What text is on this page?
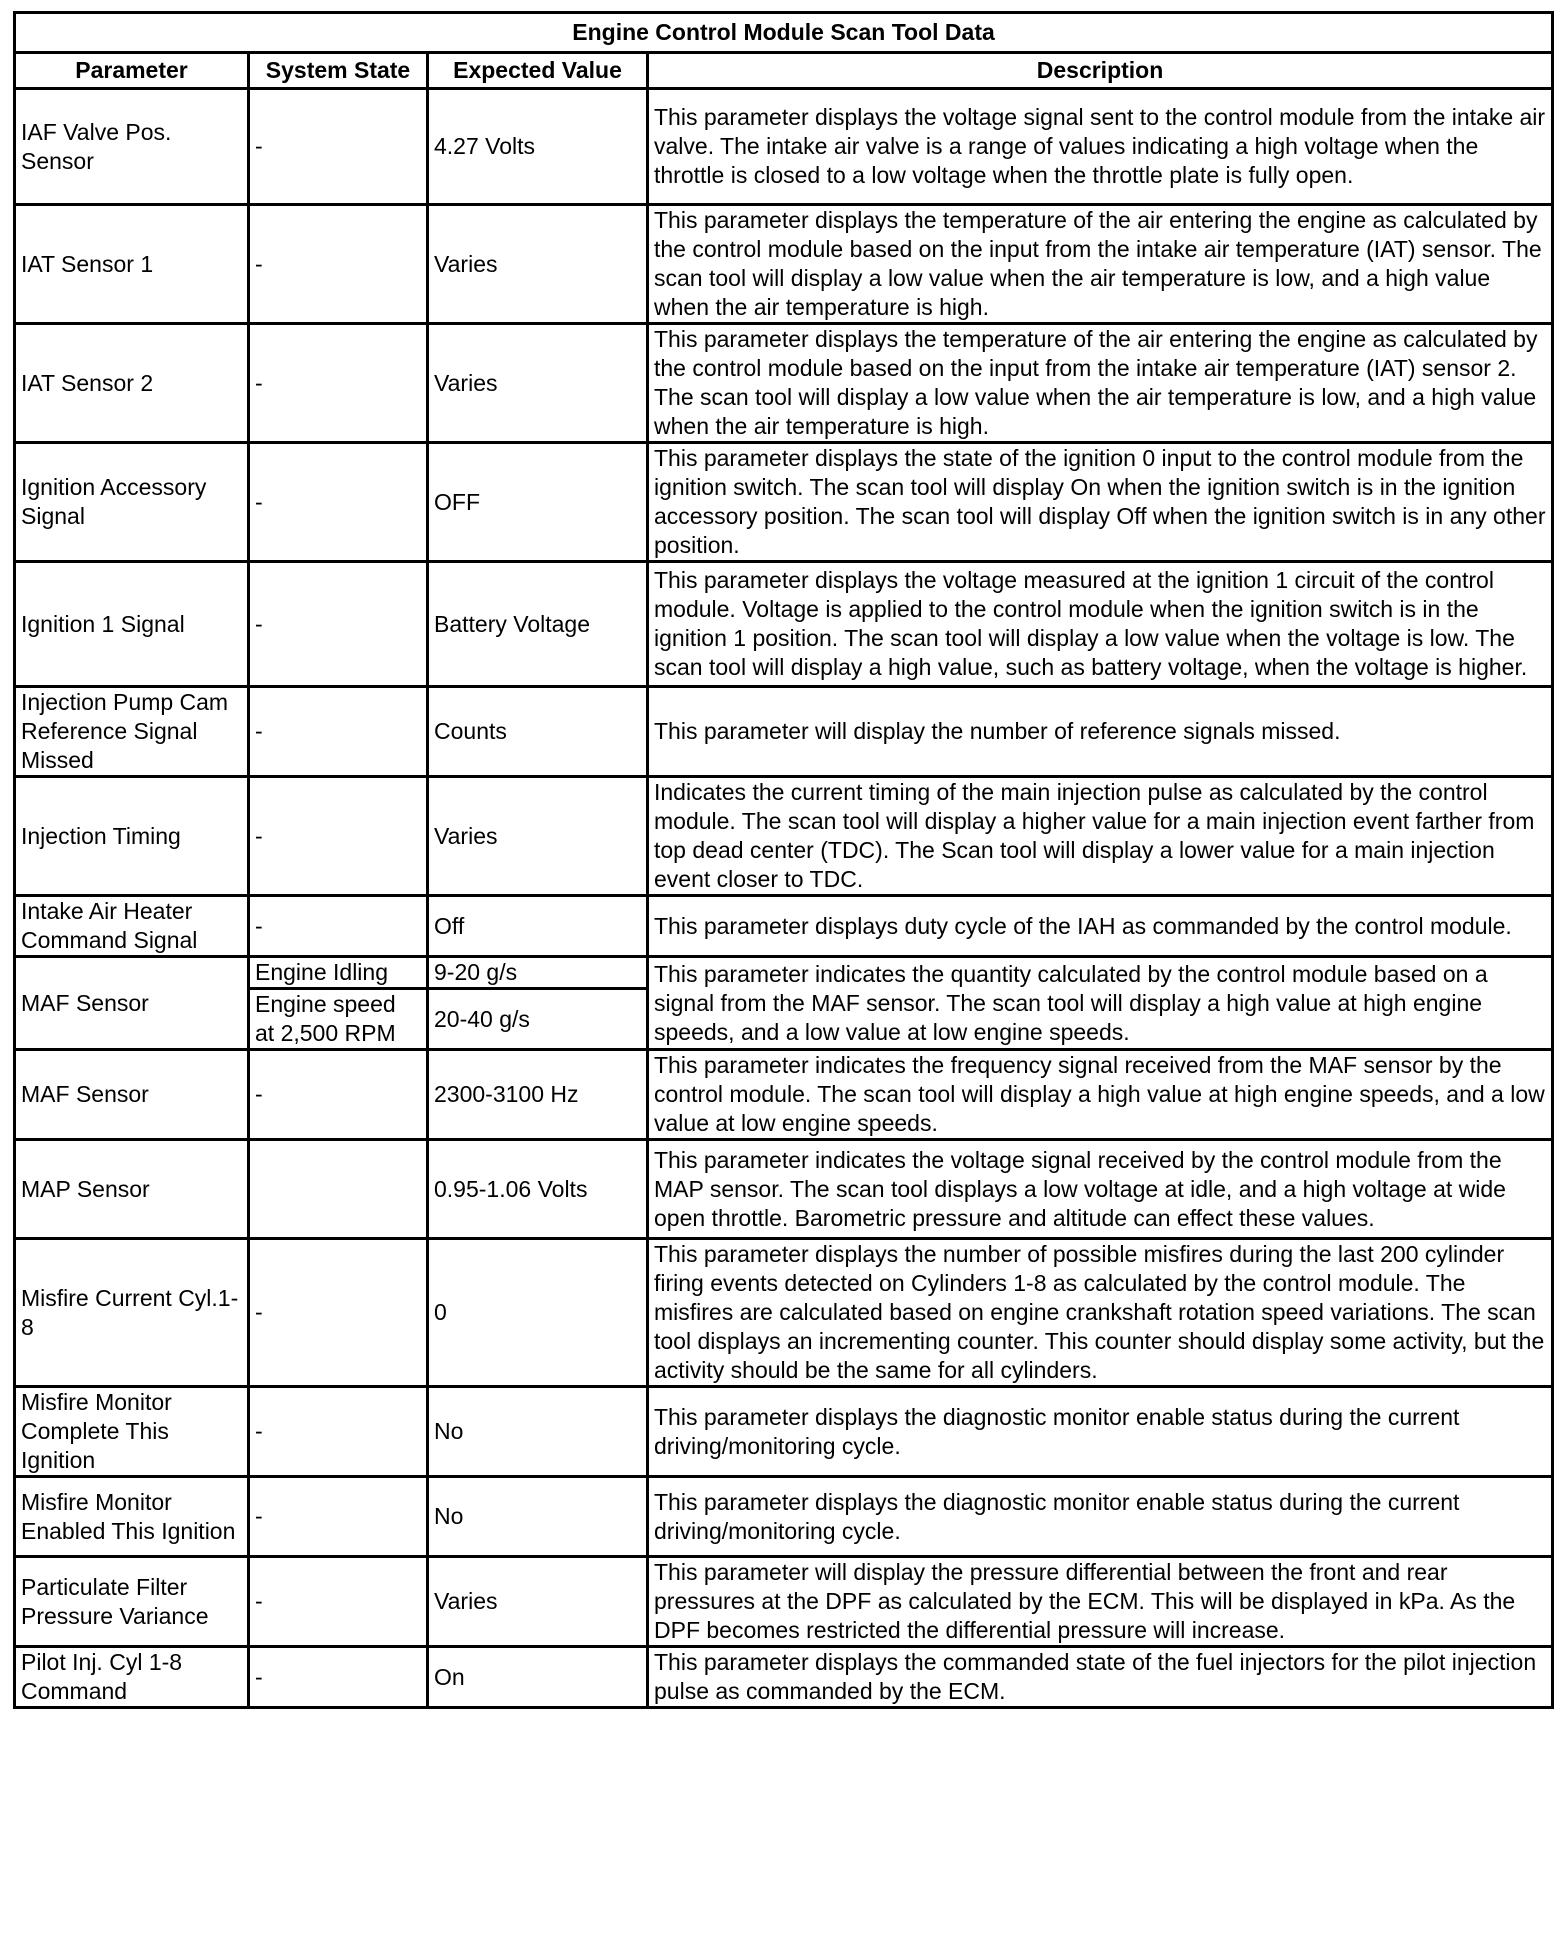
Engine Control Module Scan Tool Data			
Parameter	System State	Expected Value	Description
IAF Valve Pos. Sensor	-	4.27 Volts	This parameter displays the voltage signal sent to the control module from the intake air valve. The intake air valve is a range of values indicating a high voltage when the throttle is closed to a low voltage when the throttle plate is fully open.
IAT Sensor 1	-	Varies	This parameter displays the temperature of the air entering the engine as calculated by the control module based on the input from the intake air temperature (IAT) sensor. The scan tool will display a low value when the air temperature is low, and a high value when the air temperature is high.
IAT Sensor 2	-	Varies	This parameter displays the temperature of the air entering the engine as calculated by the control module based on the input from the intake air temperature (IAT) sensor 2. The scan tool will display a low value when the air temperature is low, and a high value when the air temperature is high.
Ignition Accessory Signal	-	OFF	This parameter displays the state of the ignition 0 input to the control module from the ignition switch. The scan tool will display On when the ignition switch is in the ignition accessory position. The scan tool will display Off when the ignition switch is in any other position.
Ignition 1 Signal	-	Battery Voltage	This parameter displays the voltage measured at the ignition 1 circuit of the control module. Voltage is applied to the control module when the ignition switch is in the ignition 1 position. The scan tool will display a low value when the voltage is low. The scan tool will display a high value, such as battery voltage, when the voltage is higher.
Injection Pump Cam Reference Signal Missed	-	Counts	This parameter will display the number of reference signals missed.
Injection Timing	-	Varies	Indicates the current timing of the main injection pulse as calculated by the control module. The scan tool will display a higher value for a main injection event farther from top dead center (TDC). The Scan tool will display a lower value for a main injection event closer to TDC.
Intake Air Heater Command Signal	-	Off	This parameter displays duty cycle of the IAH as commanded by the control module.
MAF Sensor	Engine Idling	9-20 g/s	This parameter indicates the quantity calculated by the control module based on a signal from the MAF sensor. The scan tool will display a high value at high engine speeds, and a low value at low engine speeds.
	Engine speed at 2,500 RPM	20-40 g/s	
MAF Sensor	-	2300-3100 Hz	This parameter indicates the frequency signal received from the MAF sensor by the control module. The scan tool will display a high value at high engine speeds, and a low value at low engine speeds.
MAP Sensor		0.95-1.06 Volts	This parameter indicates the voltage signal received by the control module from the MAP sensor. The scan tool displays a low voltage at idle, and a high voltage at wide open throttle. Barometric pressure and altitude can effect these values.
Misfire Current Cyl.1-8	-	0	This parameter displays the number of possible misfires during the last 200 cylinder firing events detected on Cylinders 1-8 as calculated by the control module. The misfires are calculated based on engine crankshaft rotation speed variations. The scan tool displays an incrementing counter. This counter should display some activity, but the activity should be the same for all cylinders.
Misfire Monitor Complete This Ignition	-	No	This parameter displays the diagnostic monitor enable status during the current driving/monitoring cycle.
Misfire Monitor Enabled This Ignition	-	No	This parameter displays the diagnostic monitor enable status during the current driving/monitoring cycle.
Particulate Filter Pressure Variance	-	Varies	This parameter will display the pressure differential between the front and rear pressures at the DPF as calculated by the ECM. This will be displayed in kPa. As the DPF becomes restricted the differential pressure will increase.
Pilot Inj. Cyl 1-8 Command	-	On	This parameter displays the commanded state of the fuel injectors for the pilot injection pulse as commanded by the ECM.
